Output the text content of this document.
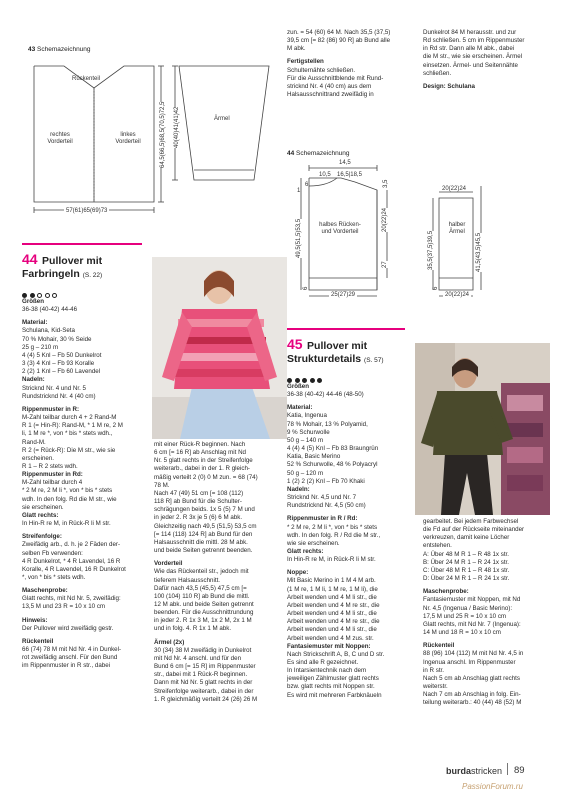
43 Schemazeichnung
Rückenteil
rechtes Vorderteil
linkes Vorderteil
Ärmel
57(61)65(69)73
64,5(66,5)68,5(70,5)72,5 40(40)41(41)42

zun. = 54 (60) 64 M. Nach 35,5 (37,5)

39,5 cm [= 82 (86) 90 R] ab Bund alle

M abk.

Fertigstellen

Schulternähte schließen.

Für die Ausschnittblende mit Rund-

stricknd Nr. 4 (40 cm) aus dem

Halsausschnittrand zweifädig in

Dunkelrot 84 M herausstr. und zur

Rd schließen. 5 cm im Rippenmuster

in Rd str. Dann alle M abk., dabei

die M str., wie sie erscheinen. Ärmel

einsetzen. Ärmel- und Seitennähte

schließen.

Design: Schulana

44 Schemazeichnung
14,5
10,5 16,5|18,5
1
6	3,5
halbes Rücken- und Vorderteil	20(22)24
27
49,5(51,5)53,5
6
25(27)29
20(22)24
halber Ärmel
35,5(37,5)39,5	41,5(43,5)45,5
6
20(22)24
44 Pullover mit
Farbringeln (S. 22)

Größen

36-38 (40-42) 44-46

Material:

Schulana, Kid-Seta

70 % Mohair, 30 % Seide

25 g – 210 m

4 (4) 5 Knl – Fb 50 Dunkelrot

3 (3) 4 Knl – Fb 93 Koralle

2 (2) 1 Knl – Fb 60 Lavendel

Nadeln:

Stricknd Nr. 4 und Nr. 5

Rundstricknd Nr. 4 (40 cm)

Rippenmuster in R:

M-Zahl teilbar durch 4 + 2 Rand-M

R 1 (= Hin-R): Rand-M, * 1 M re, 2 M

li, 1 M re *, von * bis * stets wdh.,

Rand-M.

R 2 (= Rück-R): Die M str., wie sie

erscheinen.

R 1 – R 2 stets wdh.

Rippenmuster in Rd:

M-Zahl teilbar durch 4

* 2 M re, 2 M li *, von * bis * stets

wdh. In den folg. Rd die M str., wie

sie erscheinen.

Glatt rechts:

In Hin-R re M, in Rück-R li M str.

Streifenfolge:

Zweifädig arb., d. h. je 2 Fäden der-

selben Fb verwenden:

4 R Dunkelrot, * 4 R Lavendel, 16 R

Koralle, 4 R Lavendel, 16 R Dunkelrot

*, von * bis * stets wdh.

Maschenprobe:

Glatt rechts, mit Nd Nr. 5, zweifädig:

13,5 M und 23 R = 10 x 10 cm

Hinweis:

Der Pullover wird zweifädig gestr.

Rückenteil

66 (74) 78 M mit Nd Nr. 4 in Dunkel-

rot zweifädig anschl. Für den Bund

im Rippenmuster in R str., dabei

mit einer Rück-R beginnen. Nach

6 cm [= 16 R] ab Anschlag mit Nd

Nr. 5 glatt rechts in der Streifenfolge

weiterarb., dabei in der 1. R gleich-

mäßig verteilt 2 (0) 0 M zun. = 68 (74)

78 M.

Nach 47 (49) 51 cm [= 108 (112)

118 R] ab Bund für die Schulter-

schrägungen beids. 1x 5 (5) 7 M und

in jeder 2. R 3x je 5 (6) 6 M abk.

Gleichzeitig nach 49,5 (51,5) 53,5 cm

[= 114 (118) 124 R] ab Bund für den

Halsausschnitt die mittl. 28 M abk.

und beide Seiten getrennt beenden.

Vorderteil

Wie das Rückenteil str., jedoch mit

tieferem Halsausschnitt.

Dafür nach 43,5 (45,5) 47,5 cm [=

100 (104) 110 R] ab Bund die mittl.

12 M abk. und beide Seiten getrennt

beenden. Für die Ausschnittrundung

in jeder 2. R 1x 3 M, 1x 2 M, 2x 1 M

und in folg. 4. R 1x 1 M abk.

Ärmel (2x)

30 (34) 38 M zweifädig in Dunkelrot

mit Nd Nr. 4 anschl. und für den

Bund 6 cm [= 15 R] im Rippenmuster

str., dabei mit 1 Rück-R beginnen.

Dann mit Nd Nr. 5 glatt rechts in der

Streifenfolge weiterarb., dabei in der

1. R gleichmäßig verteilt 24 (26) 26 M

45 Pullover mit
Strukturdetails (S. 57)

Größen

36-38 (40-42) 44-46 (48-50)

Material:

Katia, Ingenua

78 % Mohair, 13 % Polyamid,

9 % Schurwolle

50 g – 140 m

4 (4) 4 (5) Knl – Fb 83 Braungrün

Katia, Basic Merino

52 % Schurwolle, 48 % Polyacryl

50 g – 120 m

1 (2) 2 (2) Knl – Fb 70 Khaki

Nadeln:

Stricknd Nr. 4,5 und Nr. 7

Rundstricknd Nr. 4,5 (50 cm)

Rippenmuster in R / Rd:

* 2 M re, 2 M li *, von * bis * stets

wdh. In den folg. R / Rd die M str.,

wie sie erscheinen.

Glatt rechts:

In Hin-R re M, in Rück-R li M str.

Noppe:

Mit Basic Merino in 1 M 4 M arb.

(1 M re, 1 M li, 1 M re, 1 M li), die

Arbeit wenden und 4 M li str., die

Arbeit wenden und 4 M re str., die

Arbeit wenden und 4 M li str., die

Arbeit wenden und 4 M re str., die

Arbeit wenden und 4 M li str., die

Arbeit wenden und 4 M zus. str.

Fantasiemuster mit Noppen:

Nach Strickschrift A, B, C und D str.

Es sind alle R gezeichnet.

In Intarsientechnik nach dem

jeweiligen Zählmuster glatt rechts

bzw. glatt rechts mit Noppen str.

Es wird mit mehreren Farbknäueln

gearbeitet. Bei jedem Farbwechsel

die Fd auf der Rückseite miteinander

verkreuzen, damit keine Löcher

entstehen.

A: Über 48 M R 1 – R 48 1x str.

B: Über 24 M R 1 – R 24 1x str.

C: Über 48 M R 1 – R 48 1x str.

D: Über 24 M R 1 – R 24 1x str.

Maschenprobe:

Fantasiemuster mit Noppen, mit Nd

Nr. 4,5 (Ingenua / Basic Merino):

17,5 M und 25 R = 10 x 10 cm

Glatt rechts, mit Nd Nr. 7 (Ingenua):

14 M und 18 R = 10 x 10 cm

Rückenteil

88 (96) 104 (112) M mit Nd Nr. 4,5 in

Ingenua anschl. Im Rippenmuster

in R str.

Nach 5 cm ab Anschlag glatt rechts

weiterstr.

Nach 7 cm ab Anschlag in folg. Ein-

teilung weiterarb.: 40 (44) 48 (52) M

burdastricken 89
PassionForum.ru
